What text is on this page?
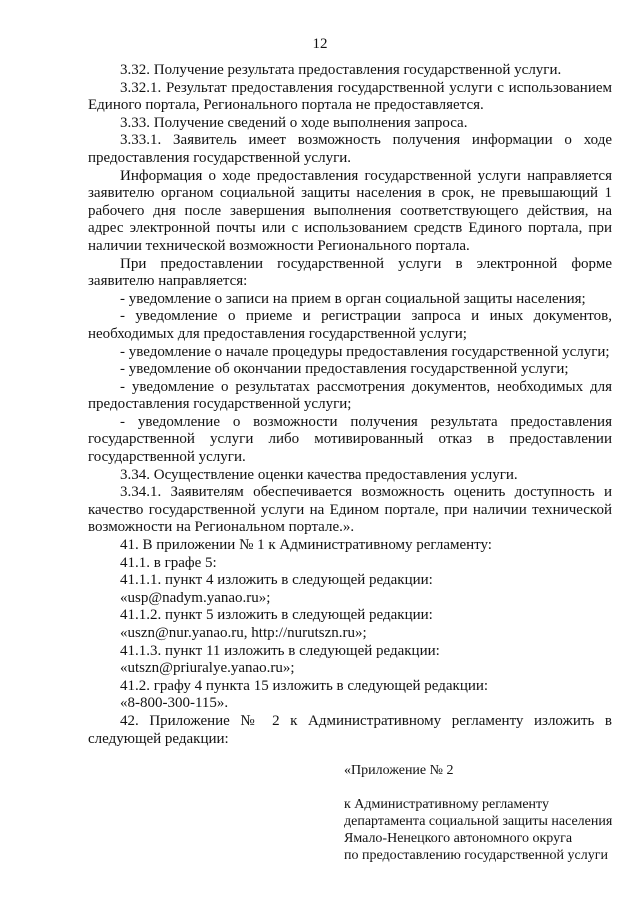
12

3.32. Получение результата предоставления государственной услуги.

3.32.1. Результат предоставления государственной услуги с использованием Единого портала, Регионального портала не предоставляется.

3.33. Получение сведений о ходе выполнения запроса.

3.33.1. Заявитель имеет возможность получения информации о ходе предоставления государственной услуги.

Информация о ходе предоставления государственной услуги направляется заявителю органом социальной защиты населения в срок, не превышающий 1 рабочего дня после завершения выполнения соответствующего действия, на адрес электронной почты или с использованием средств Единого портала, при наличии технической возможности Регионального портала.

При предоставлении государственной услуги в электронной форме заявителю направляется:

- уведомление о записи на прием в орган социальной защиты населения;

- уведомление о приеме и регистрации запроса и иных документов, необходимых для предоставления государственной услуги;

- уведомление о начале процедуры предоставления государственной услуги;

- уведомление об окончании предоставления государственной услуги;

- уведомление о результатах рассмотрения документов, необходимых для предоставления государственной услуги;

- уведомление о возможности получения результата предоставления государственной услуги либо мотивированный отказ в предоставлении государственной услуги.

3.34. Осуществление оценки качества предоставления услуги.

3.34.1. Заявителям обеспечивается возможность оценить доступность и качество государственной услуги на Едином портале, при наличии технической возможности на Региональном портале.».

41. В приложении № 1 к Административному регламенту:

41.1. в графе 5:

41.1.1. пункт 4 изложить в следующей редакции:

«usp@nadym.yanao.ru»;

41.1.2. пункт 5 изложить в следующей редакции:

«uszn@nur.yanao.ru, http://nurutszn.ru»;

41.1.3. пункт 11 изложить в следующей редакции:

«utszn@priuralye.yanao.ru»;

41.2. графу 4 пункта 15 изложить в следующей редакции:

«8-800-300-115».

42. Приложение № 2 к Административному регламенту изложить в следующей редакции:

«Приложение № 2

к Административному регламенту

департамента социальной защиты населения

Ямало-Ненецкого автономного округа

по предоставлению государственной услуги
